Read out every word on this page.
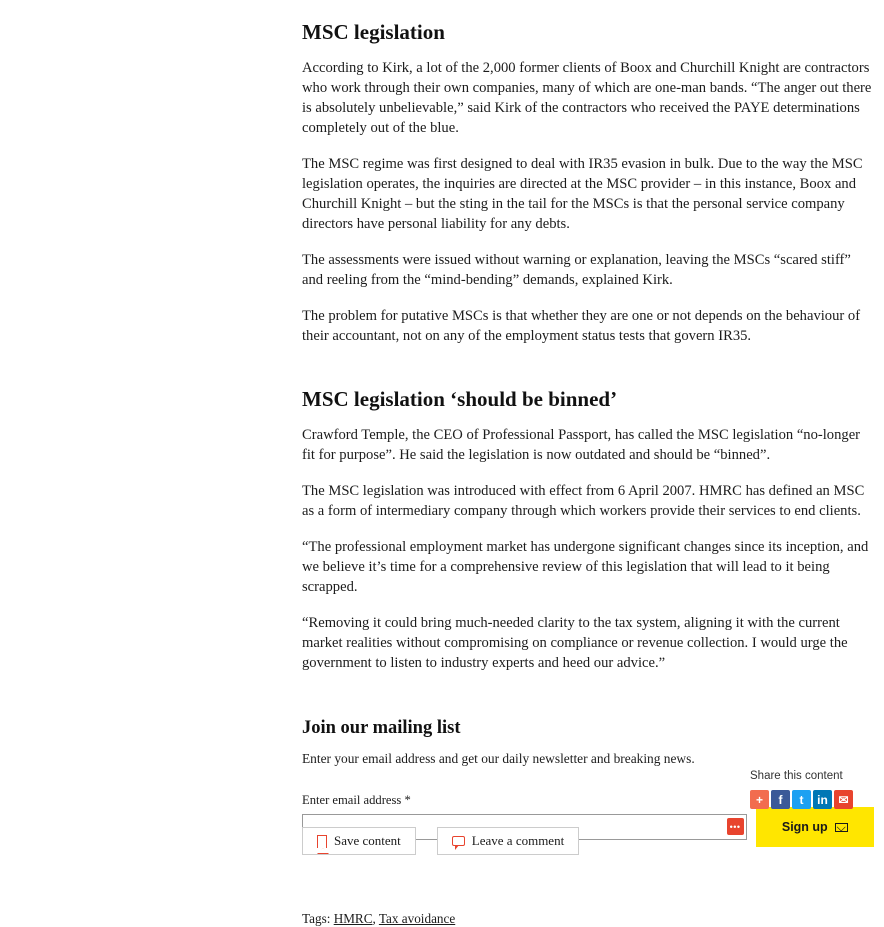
MSC legislation

According to Kirk, a lot of the 2,000 former clients of Boox and Churchill Knight are contractors who work through their own companies, many of which are one-man bands. “The anger out there is absolutely unbelievable,” said Kirk of the contractors who received the PAYE determinations completely out of the blue.

The MSC regime was first designed to deal with IR35 evasion in bulk. Due to the way the MSC legislation operates, the inquiries are directed at the MSC provider – in this instance, Boox and Churchill Knight – but the sting in the tail for the MSCs is that the personal service company directors have personal liability for any debts.

The assessments were issued without warning or explanation, leaving the MSCs “scared stiff” and reeling from the “mind-bending” demands, explained Kirk.

The problem for putative MSCs is that whether they are one or not depends on the behaviour of their accountant, not on any of the employment status tests that govern IR35.

MSC legislation ‘should be binned’

Crawford Temple, the CEO of Professional Passport, has called the MSC legislation “no-longer fit for purpose”. He said the legislation is now outdated and should be “binned”.

The MSC legislation was introduced with effect from 6 April 2007. HMRC has defined an MSC as a form of intermediary company through which workers provide their services to end clients.

“The professional employment market has undergone significant changes since its inception, and we believe it’s time for a comprehensive review of this legislation that will lead to it being scrapped.

“Removing it could bring much-needed clarity to the tax system, aligning it with the current market realities without compromising on compliance or revenue collection. I would urge the government to listen to industry experts and heed our advice.”

Join our mailing list

Enter your email address and get our daily newsletter and breaking news.

Enter email address *
•••	Sign up
Tags: HMRC, Tax avoidance
Share this content
+	f	t	in ✉
Save content	Leave a comment
